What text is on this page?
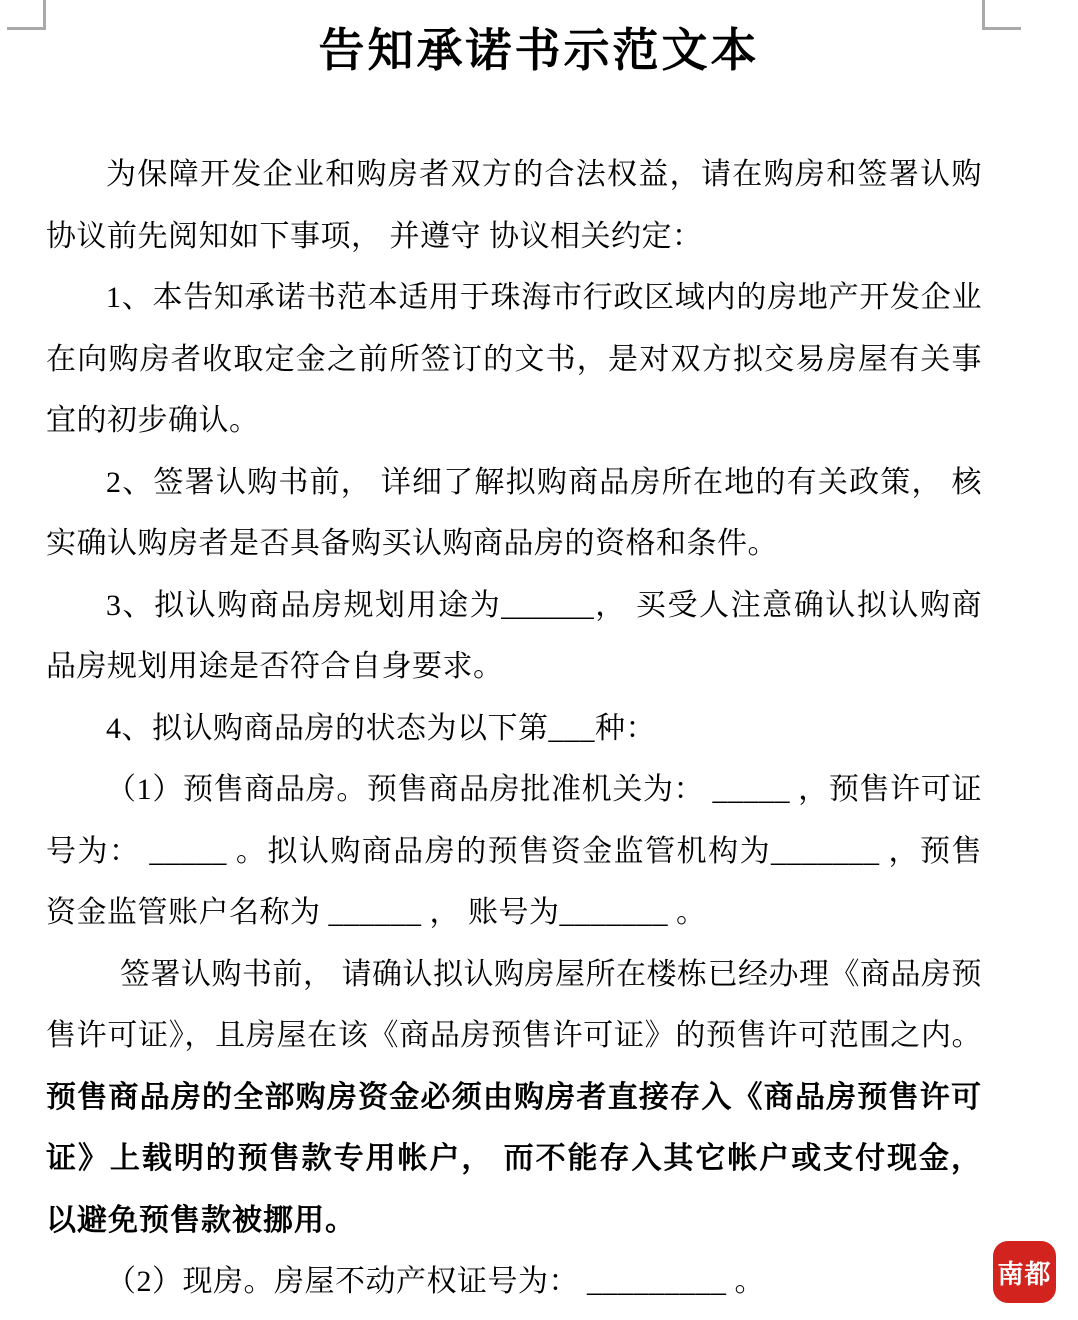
告知承诺书示范文本

为保障开发企业和购房者双方的合法权益，请在购房和签署认购协议前先阅知如下事项， 并遵守 协议相关约定：

1、本告知承诺书范本适用于珠海市行政区域内的房地产开发企业在向购房者收取定金之前所签订的文书，是对双方拟交易房屋有关事宜的初步确认。

2、签署认购书前， 详细了解拟购商品房所在地的有关政策， 核实确认购房者是否具备购买认购商品房的资格和条件。

3、拟认购商品房规划用途为______， 买受人注意确认拟认购商品房规划用途是否符合自身要求。

4、拟认购商品房的状态为以下第___种：

（1）预售商品房。预售商品房批准机关为： _____ ，预售许可证号为： _____ 。拟认购商品房的预售资金监管机构为_______ ，预售资金监管账户名称为 ______ ， 账号为_______ 。

签署认购书前， 请确认拟认购房屋所在楼栋已经办理《商品房预售许可证》，且房屋在该《商品房预售许可证》的预售许可范围之内。预售商品房的全部购房资金必须由购房者直接存入《商品房预售许可证》上载明的预售款专用帐户， 而不能存入其它帐户或支付现金， 以避免预售款被挪用。

（2）现房。房屋不动产权证号为： _________ 。	南都
